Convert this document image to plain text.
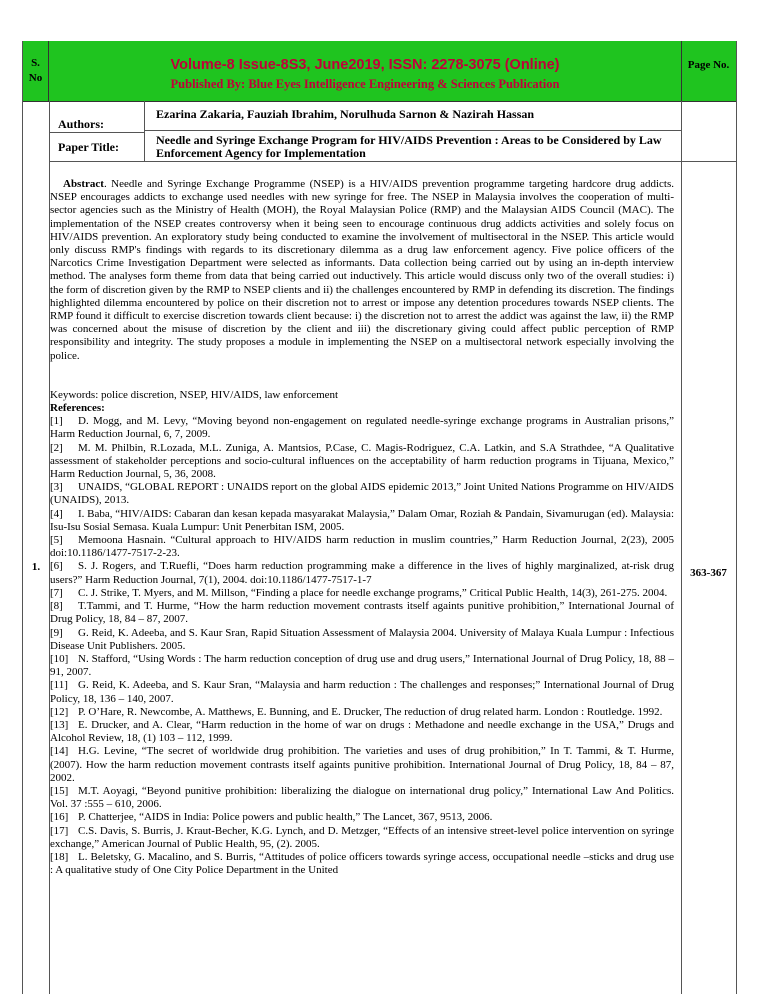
S. No
Volume-8 Issue-8S3, June2019, ISSN: 2278-3075 (Online)
Published By: Blue Eyes Intelligence Engineering & Sciences Publication
Page No.
Authors:
Ezarina Zakaria, Fauziah Ibrahim, Norulhuda Sarnon & Nazirah Hassan
Paper Title:	Needle and Syringe Exchange Program for HIV/AIDS Prevention : Areas to be Considered by Law Enforcement Agency for Implementation
1.	363-367

Abstract. Needle and Syringe Exchange Programme (NSEP) is a HIV/AIDS prevention programme targeting hardcore drug addicts. NSEP encourages addicts to exchange used needles with new syringe for free. The NSEP in Malaysia involves the cooperation of multi-sector agencies such as the Ministry of Health (MOH), the Royal Malaysian Police (RMP) and the Malaysian AIDS Council (MAC). The implementation of the NSEP creates controversy when it being seen to encourage continuous drug addicts activities and solely focus on HIV/AIDS prevention. An exploratory study being conducted to examine the involvement of multisectoral in the NSEP. This article would only discuss RMP's findings with regards to its discretionary dilemma as a drug law enforcement agency. Five police officers of the Narcotics Crime Investigation Department were selected as informants. Data collection being carried out by using an in-depth interview method. The analyses form theme from data that being carried out inductively. This article would discuss only two of the overall studies: i) the form of discretion given by the RMP to NSEP clients and ii) the challenges encountered by RMP in defending its discretion. The findings highlighted dilemma encountered by police on their discretion not to arrest or impose any detention procedures towards NSEP clients. The RMP found it difficult to exercise discretion towards client because: i) the discretion not to arrest the addict was against the law, ii) the RMP was concerned about the misuse of discretion by the client and iii) the discretionary giving could affect public perception of RMP responsibility and integrity. The study proposes a module in implementing the NSEP on a multisectoral network especially involving the police.

Keywords: police discretion, NSEP, HIV/AIDS, law enforcement

References:

[1] D. Mogg, and M. Levy, “Moving beyond non-engagement on regulated needle-syringe exchange programs in Australian prisons,” Harm Reduction Journal, 6, 7, 2009.

[2] M. M. Philbin, R.Lozada, M.L. Zuniga, A. Mantsios, P.Case, C. Magis-Rodriguez, C.A. Latkin, and S.A Strathdee, “A Qualitative assessment of stakeholder perceptions and socio-cultural influences on the acceptability of harm reduction programs in Tijuana, Mexico,” Harm Reduction Journal, 5, 36, 2008.

[3] UNAIDS, “GLOBAL REPORT : UNAIDS report on the global AIDS epidemic 2013,” Joint United Nations Programme on HIV/AIDS (UNAIDS), 2013.

[4] I. Baba, “HIV/AIDS: Cabaran dan kesan kepada masyarakat Malaysia,” Dalam Omar, Roziah & Pandain, Sivamurugan (ed). Malaysia: Isu-Isu Sosial Semasa. Kuala Lumpur: Unit Penerbitan ISM, 2005.

[5] Memoona Hasnain. “Cultural approach to HIV/AIDS harm reduction in muslim countries,” Harm Reduction Journal, 2(23), 2005 doi:10.1186/1477-7517-2-23.

[6] S. J. Rogers, and T.Ruefli, “Does harm reduction programming make a difference in the lives of highly marginalized, at-risk drug users?” Harm Reduction Journal, 7(1), 2004. doi:10.1186/1477-7517-1-7

[7] C. J. Strike, T. Myers, and M. Millson, “Finding a place for needle exchange programs,” Critical Public Health, 14(3), 261-275. 2004.

[8] T.Tammi, and T. Hurme, “How the harm reduction movement contrasts itself againts punitive prohibition,” International Journal of Drug Policy, 18, 84 – 87, 2007.

[9] G. Reid, K. Adeeba, and S. Kaur Sran, Rapid Situation Assessment of Malaysia 2004. University of Malaya Kuala Lumpur : Infectious Disease Unit Publishers. 2005.

[10] N. Stafford, “Using Words : The harm reduction conception of drug use and drug users,” International Journal of Drug Policy, 18, 88 – 91, 2007.

[11] G. Reid, K. Adeeba, and S. Kaur Sran, “Malaysia and harm reduction : The challenges and responses;” International Journal of Drug Policy, 18, 136 – 140, 2007.

[12] P. O’Hare, R. Newcombe, A. Matthews, E. Bunning, and E. Drucker, The reduction of drug related harm. London : Routledge. 1992.

[13] E. Drucker, and A. Clear, “Harm reduction in the home of war on drugs : Methadone and needle exchange in the USA,” Drugs and Alcohol Review, 18, (1) 103 – 112, 1999.

[14] H.G. Levine, “The secret of worldwide drug prohibition. The varieties and uses of drug prohibition,” In T. Tammi, & T. Hurme, (2007). How the harm reduction movement contrasts itself againts punitive prohibition. International Journal of Drug Policy, 18, 84 – 87, 2002.

[15] M.T. Aoyagi, “Beyond punitive prohibition: liberalizing the dialogue on international drug policy,” International Law And Politics. Vol. 37 :555 – 610, 2006.

[16] P. Chatterjee, “AIDS in India: Police powers and public health,” The Lancet, 367, 9513, 2006.

[17] C.S. Davis, S. Burris, J. Kraut-Becher, K.G. Lynch, and D. Metzger, “Effects of an intensive street-level police intervention on syringe exchange,” American Journal of Public Health, 95, (2). 2005.

[18] L. Beletsky, G. Macalino, and S. Burris, “Attitudes of police officers towards syringe access, occupational needle –sticks and drug use : A qualitative study of One City Police Department in the United
